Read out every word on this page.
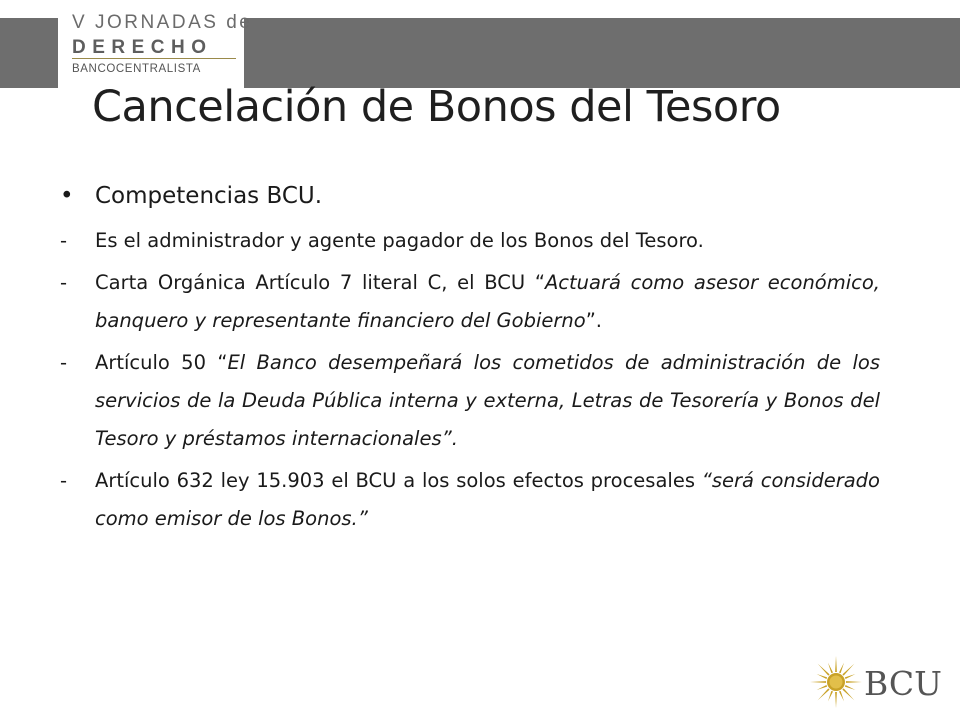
V JORNADAS de
DERECHO
BANCOCENTRALISTA
Cancelación de Bonos del Tesoro
• Competencias BCU.
-	Es el administrador y agente pagador de los Bonos del Tesoro.
-	Carta Orgánica Artículo 7 literal C, el BCU “Actuará como asesor económico, banquero y representante financiero del Gobierno”.
-	Artículo 50 “El Banco desempeñará los cometidos de administración de los servicios de la Deuda Pública interna y externa, Letras de Tesorería y Bonos del Tesoro y préstamos internacionales”.
-	Artículo 632 ley 15.903 el BCU a los solos efectos procesales “será considerado como emisor de los Bonos.”
BCU
